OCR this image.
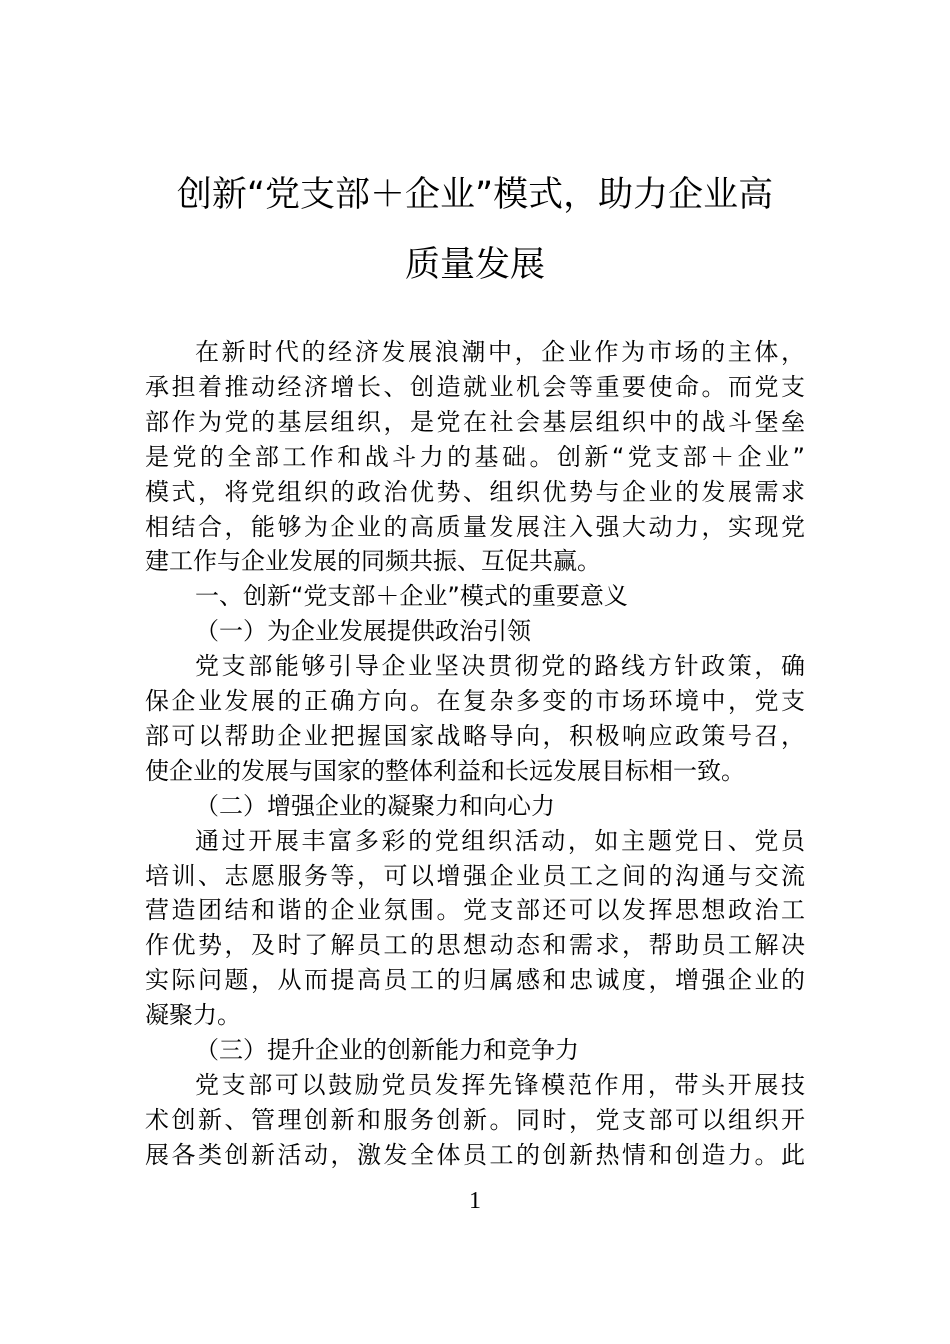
创新“党支部＋企业”模式，助力企业高
质量发展
在新时代的经济发展浪潮中，企业作为市场的主体，
承担着推动经济增长、创造就业机会等重要使命。而党支
部作为党的基层组织，是党在社会基层组织中的战斗堡垒
是党的全部工作和战斗力的基础。创新“党支部＋企业”
模式，将党组织的政治优势、组织优势与企业的发展需求
相结合，能够为企业的高质量发展注入强大动力，实现党
建工作与企业发展的同频共振、互促共赢。
一、创新“党支部＋企业”模式的重要意义
（一）为企业发展提供政治引领
党支部能够引导企业坚决贯彻党的路线方针政策，确
保企业发展的正确方向。在复杂多变的市场环境中，党支
部可以帮助企业把握国家战略导向，积极响应政策号召，
使企业的发展与国家的整体利益和长远发展目标相一致。
（二）增强企业的凝聚力和向心力
通过开展丰富多彩的党组织活动，如主题党日、党员
培训、志愿服务等，可以增强企业员工之间的沟通与交流
营造团结和谐的企业氛围。党支部还可以发挥思想政治工
作优势，及时了解员工的思想动态和需求，帮助员工解决
实际问题，从而提高员工的归属感和忠诚度，增强企业的
凝聚力。
（三）提升企业的创新能力和竞争力
党支部可以鼓励党员发挥先锋模范作用，带头开展技
术创新、管理创新和服务创新。同时，党支部可以组织开
展各类创新活动，激发全体员工的创新热情和创造力。此
1
